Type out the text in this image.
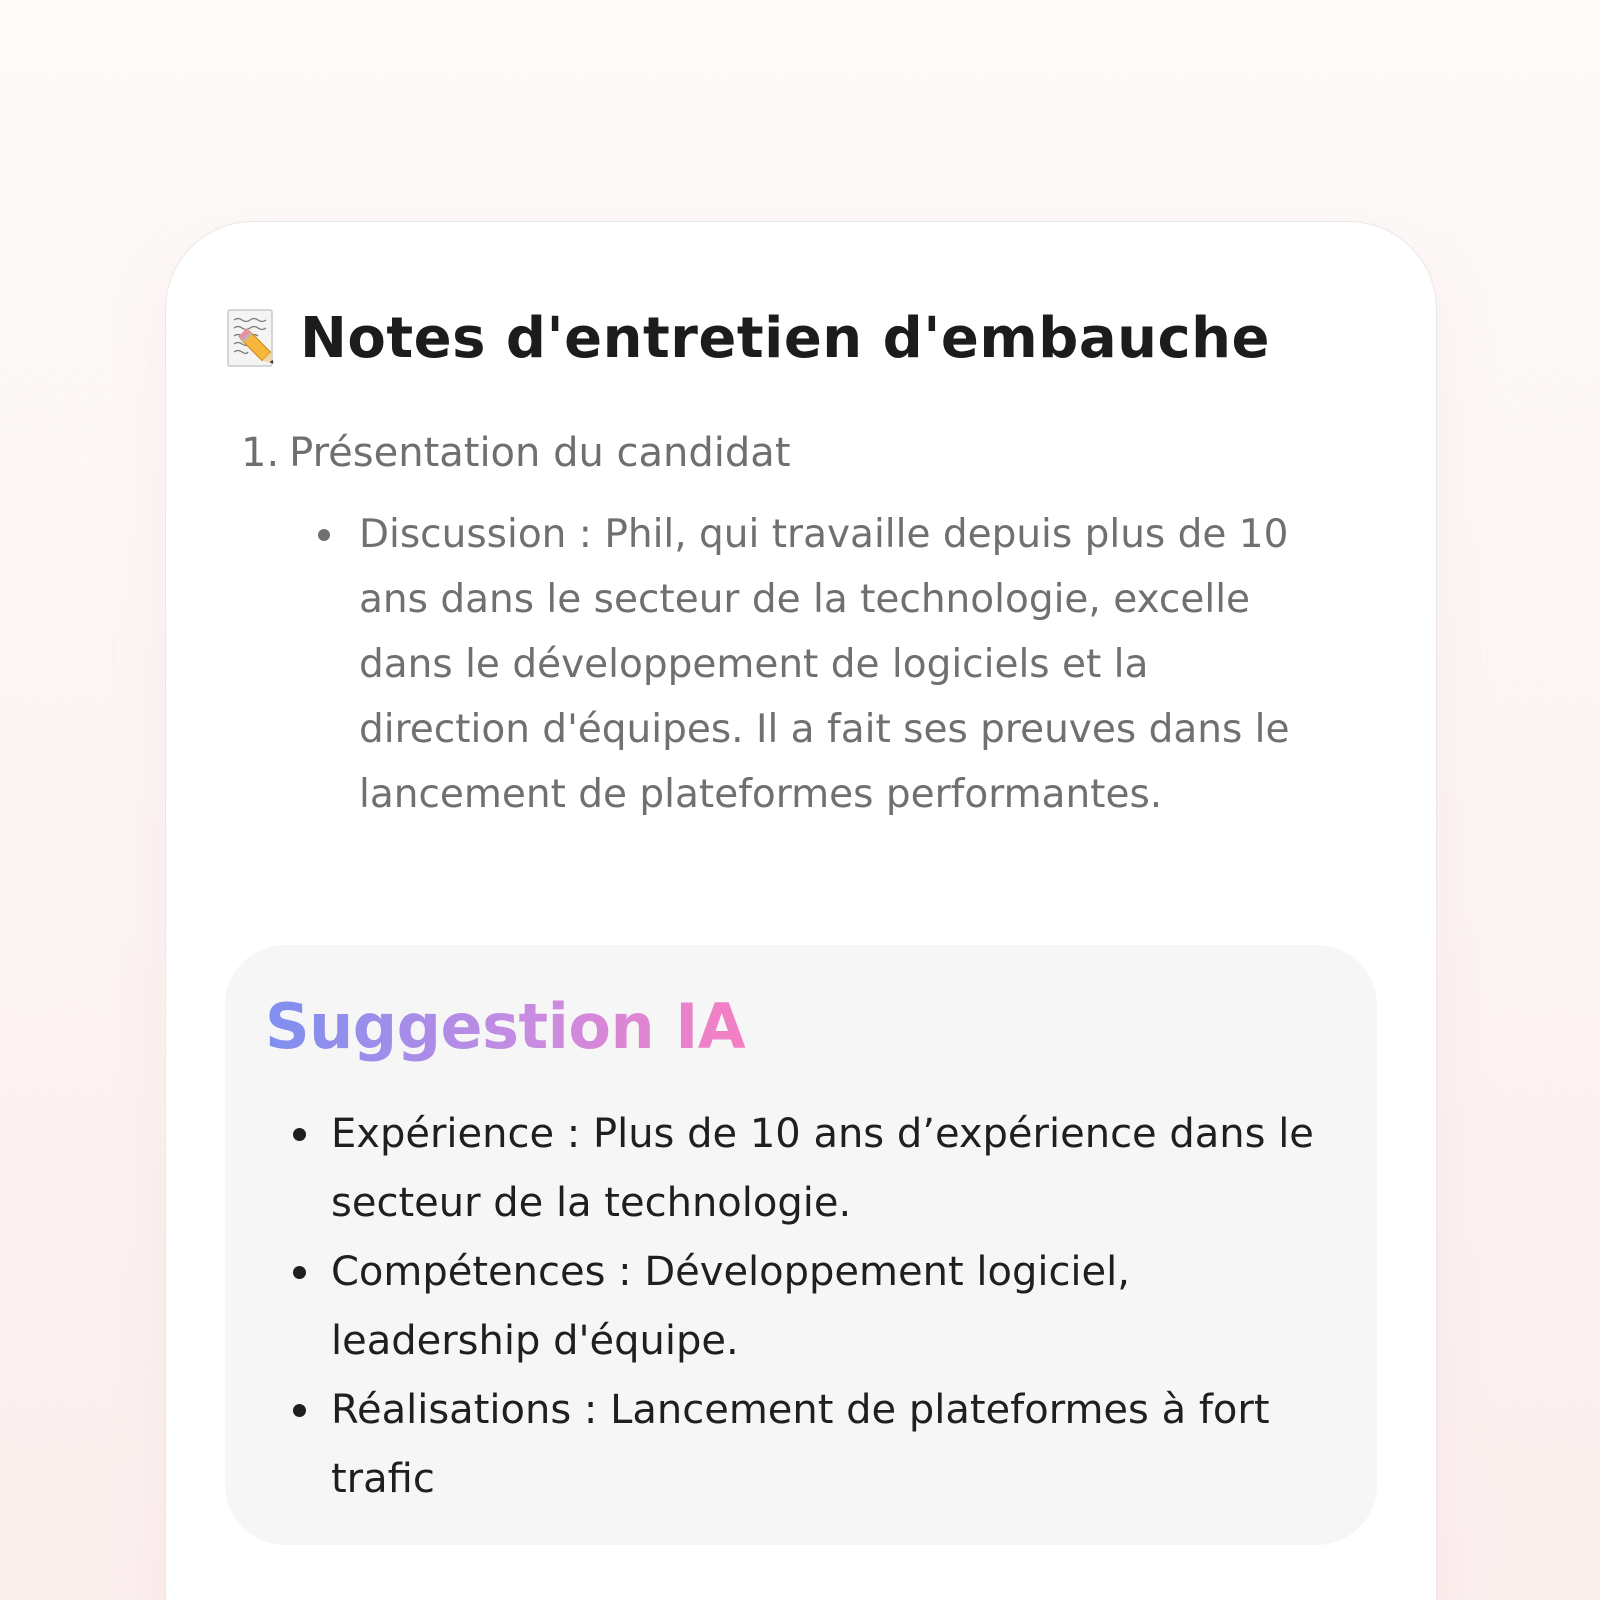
Notes d'entretien d'embauche
1. Présentation du candidat
Discussion : Phil, qui travaille depuis plus de 10 ans dans le secteur de la technologie, excelle dans le développement de logiciels et la direction d'équipes. Il a fait ses preuves dans le lancement de plateformes performantes.
Suggestion IA
Expérience : Plus de 10 ans d’expérience dans le secteur de la technologie.
Compétences : Développement logiciel, leadership d'équipe.
Réalisations : Lancement de plateformes à fort trafic
